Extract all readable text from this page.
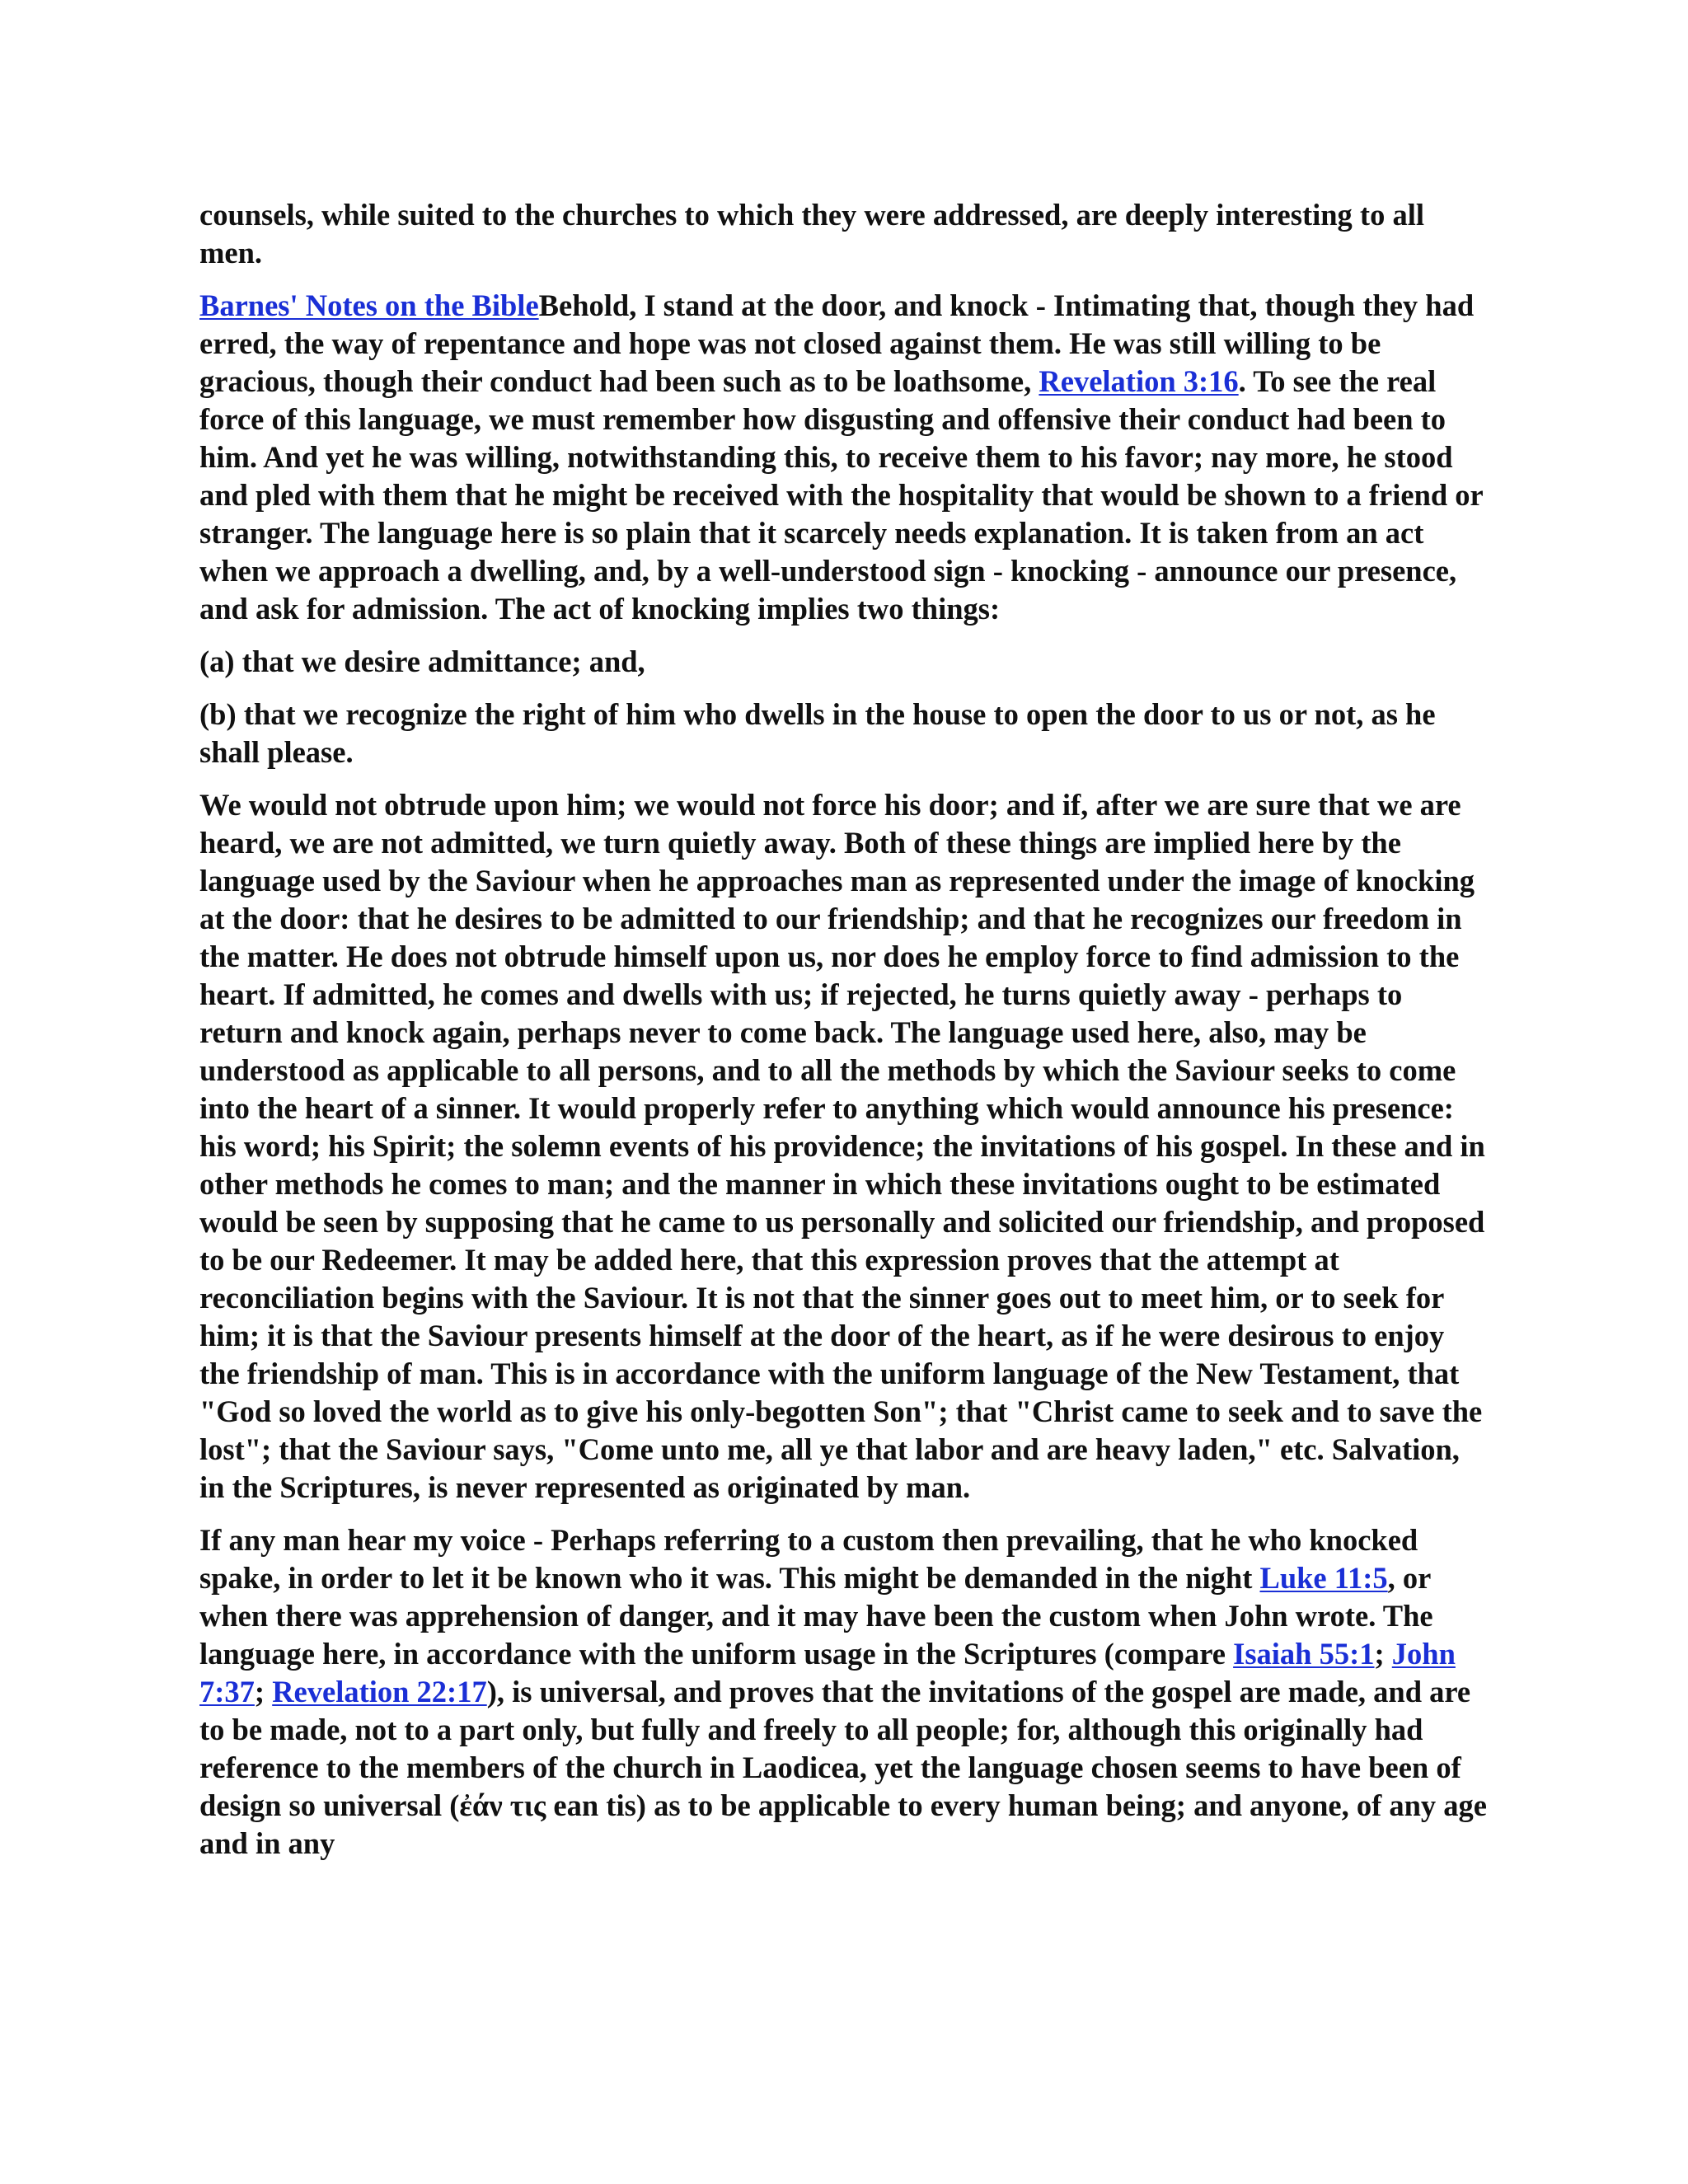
counsels, while suited to the churches to which they were addressed, are deeply interesting to all men.

Barnes' Notes on the BibleBehold, I stand at the door, and knock - Intimating that, though they had erred, the way of repentance and hope was not closed against them. He was still willing to be gracious, though their conduct had been such as to be loathsome, Revelation 3:16. To see the real force of this language, we must remember how disgusting and offensive their conduct had been to him. And yet he was willing, notwithstanding this, to receive them to his favor; nay more, he stood and pled with them that he might be received with the hospitality that would be shown to a friend or stranger. The language here is so plain that it scarcely needs explanation. It is taken from an act when we approach a dwelling, and, by a well-understood sign - knocking - announce our presence, and ask for admission. The act of knocking implies two things:

(a) that we desire admittance; and,

(b) that we recognize the right of him who dwells in the house to open the door to us or not, as he shall please.

We would not obtrude upon him; we would not force his door; and if, after we are sure that we are heard, we are not admitted, we turn quietly away. Both of these things are implied here by the language used by the Saviour when he approaches man as represented under the image of knocking at the door: that he desires to be admitted to our friendship; and that he recognizes our freedom in the matter. He does not obtrude himself upon us, nor does he employ force to find admission to the heart. If admitted, he comes and dwells with us; if rejected, he turns quietly away - perhaps to return and knock again, perhaps never to come back. The language used here, also, may be understood as applicable to all persons, and to all the methods by which the Saviour seeks to come into the heart of a sinner. It would properly refer to anything which would announce his presence: his word; his Spirit; the solemn events of his providence; the invitations of his gospel. In these and in other methods he comes to man; and the manner in which these invitations ought to be estimated would be seen by supposing that he came to us personally and solicited our friendship, and proposed to be our Redeemer. It may be added here, that this expression proves that the attempt at reconciliation begins with the Saviour. It is not that the sinner goes out to meet him, or to seek for him; it is that the Saviour presents himself at the door of the heart, as if he were desirous to enjoy the friendship of man. This is in accordance with the uniform language of the New Testament, that "God so loved the world as to give his only-begotten Son"; that "Christ came to seek and to save the lost"; that the Saviour says, "Come unto me, all ye that labor and are heavy laden," etc. Salvation, in the Scriptures, is never represented as originated by man.

If any man hear my voice - Perhaps referring to a custom then prevailing, that he who knocked spake, in order to let it be known who it was. This might be demanded in the night Luke 11:5, or when there was apprehension of danger, and it may have been the custom when John wrote. The language here, in accordance with the uniform usage in the Scriptures (compare Isaiah 55:1; John 7:37; Revelation 22:17), is universal, and proves that the invitations of the gospel are made, and are to be made, not to a part only, but fully and freely to all people; for, although this originally had reference to the members of the church in Laodicea, yet the language chosen seems to have been of design so universal (ἐάν τις ean tis) as to be applicable to every human being; and anyone, of any age and in any
